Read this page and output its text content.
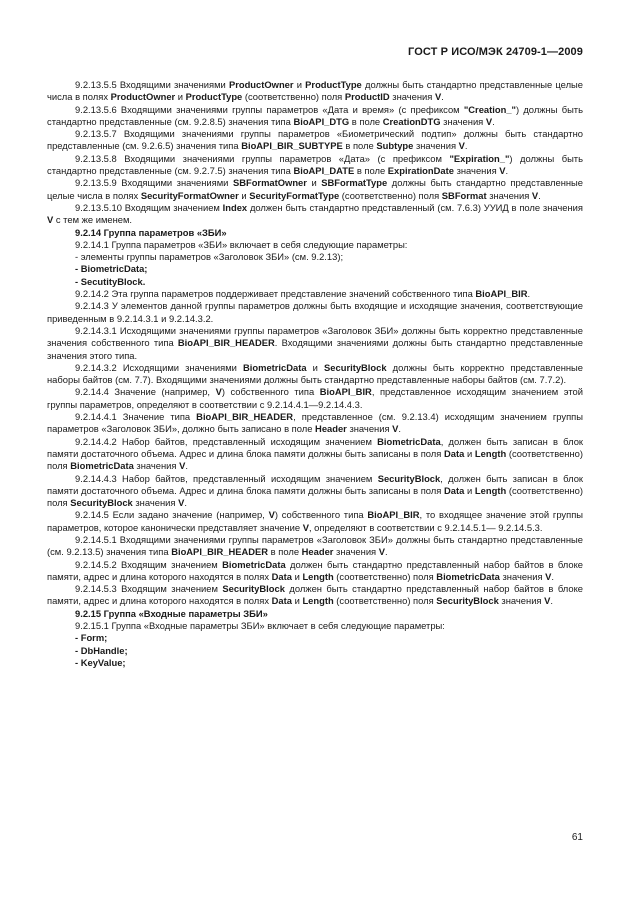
ГОСТ Р ИСО/МЭК 24709-1—2009

9.2.13.5.5 Входящими значениями ProductOwner и ProductType должны быть стандартно представленные целые числа в полях ProductOwner и ProductType (соответственно) поля ProductID значения V.

9.2.13.5.6 Входящими значениями группы параметров «Дата и время» (с префиксом "Creation_") должны быть стандартно представленные (см. 9.2.8.5) значения типа BioAPI_DTG в поле CreationDTG значения V.

9.2.13.5.7 Входящими значениями группы параметров «Биометрический подтип» должны быть стандартно представленные (см. 9.2.6.5) значения типа BioAPI_BIR_SUBTYPE в поле Subtype значения V.

9.2.13.5.8 Входящими значениями группы параметров «Дата» (с префиксом "Expiration_") должны быть стандартно представленные (см. 9.2.7.5) значения типа BioAPI_DATE в поле ExpirationDate значения V.

9.2.13.5.9 Входящими значениями SBFormatOwner и SBFormatType должны быть стандартно представленные целые числа в полях SecurityFormatOwner и SecurityFormatType (соответственно) поля SBFormat значения V.

9.2.13.5.10 Входящим значением Index должен быть стандартно представленный (см. 7.6.3) УУИД в поле значения V с тем же именем.

9.2.14 Группа параметров «ЗБИ»

9.2.14.1 Группа параметров «ЗБИ» включает в себя следующие параметры:

- элементы группы параметров «Заголовок ЗБИ» (см. 9.2.13);

- BiometricData;

- SecutityBlock.

9.2.14.2 Эта группа параметров поддерживает представление значений собственного типа BioAPI_BIR.

9.2.14.3 У элементов данной группы параметров должны быть входящие и исходящие значения, соответствующие приведенным в 9.2.14.3.1 и 9.2.14.3.2.

9.2.14.3.1 Исходящими значениями группы параметров «Заголовок ЗБИ» должны быть корректно представленные значения собственного типа BioAPI_BIR_HEADER. Входящими значениями должны быть стандартно представленные значения этого типа.

9.2.14.3.2 Исходящими значениями BiometricData и SecurityBlock должны быть корректно представленные наборы байтов (см. 7.7). Входящими значениями должны быть стандартно представленные наборы байтов (см. 7.7.2).

9.2.14.4 Значение (например, V) собственного типа BioAPI_BIR, представленное исходящим значением этой группы параметров, определяют в соответствии с 9.2.14.4.1—9.2.14.4.3.

9.2.14.4.1 Значение типа BioAPI_BIR_HEADER, представленное (см. 9.2.13.4) исходящим значением группы параметров «Заголовок ЗБИ», должно быть записано в поле Header значения V.

9.2.14.4.2 Набор байтов, представленный исходящим значением BiometricData, должен быть записан в блок памяти достаточного объема. Адрес и длина блока памяти должны быть записаны в поля Data и Length (соответственно) поля BiometricData значения V.

9.2.14.4.3 Набор байтов, представленный исходящим значением SecurityBlock, должен быть записан в блок памяти достаточного объема. Адрес и длина блока памяти должны быть записаны в поля Data и Length (соответственно) поля SecurityBlock значения V.

9.2.14.5 Если задано значение (например, V) собственного типа BioAPI_BIR, то входящее значение этой группы параметров, которое канонически представляет значение V, определяют в соответствии с 9.2.14.5.1— 9.2.14.5.3.

9.2.14.5.1 Входящими значениями группы параметров «Заголовок ЗБИ» должны быть стандартно представленные (см. 9.2.13.5) значения типа BioAPI_BIR_HEADER в поле Header значения V.

9.2.14.5.2 Входящим значением BiometricData должен быть стандартно представленный набор байтов в блоке памяти, адрес и длина которого находятся в полях Data и Length (соответственно) поля BiometricData значения V.

9.2.14.5.3 Входящим значением SecurityBlock должен быть стандартно представленный набор байтов в блоке памяти, адрес и длина которого находятся в полях Data и Length (соответственно) поля SecurityBlock значения V.

9.2.15 Группа «Входные параметры ЗБИ»

9.2.15.1 Группа «Входные параметры ЗБИ» включает в себя следующие параметры:

- Form;

- DbHandle;

- KeyValue;

61
